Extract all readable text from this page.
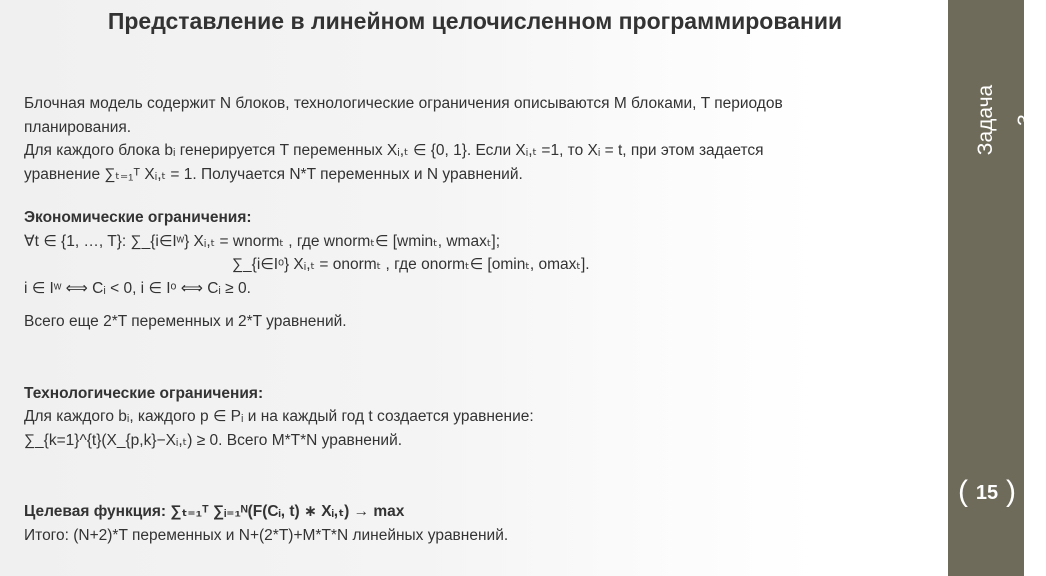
Представление в линейном целочисленном программировании
Задача 3
( 15 )

Блочная модель содержит N блоков, технологические ограничения описываются M блоками, T периодов

планирования.

Для каждого блока bᵢ генерируется T переменных Xᵢ,ₜ ∈ {0, 1}. Если Xᵢ,ₜ =1, то Xᵢ = t, при этом задается

уравнение ∑ₜ₌₁ᵀ Xᵢ,ₜ = 1. Получается N*T переменных и N уравнений.

Экономические ограничения:

∀t ∈ {1, …, T}: ∑_{i∈Iʷ} Xᵢ,ₜ = wnormₜ , где wnormₜ∈ [wminₜ, wmaxₜ];

∑_{i∈Iᵒ} Xᵢ,ₜ = onormₜ , где onormₜ∈ [ominₜ, omaxₜ].

i ∈ Iʷ ⟺ Cᵢ < 0, i ∈ Iᵒ ⟺ Cᵢ ≥ 0.

Всего еще 2*T переменных и 2*T уравнений.

Технологические ограничения:

Для каждого bᵢ, каждого p ∈ Pᵢ и на каждый год t создается уравнение:

∑_{k=1}^{t}(X_{p,k}−Xᵢ,ₜ) ≥ 0. Всего M*T*N уравнений.

Целевая функция: ∑ₜ₌₁ᵀ ∑ᵢ₌₁ᴺ(F(Cᵢ, t) ∗ Xᵢ,ₜ) → max

Итого: (N+2)*T переменных и N+(2*T)+M*T*N линейных уравнений.
